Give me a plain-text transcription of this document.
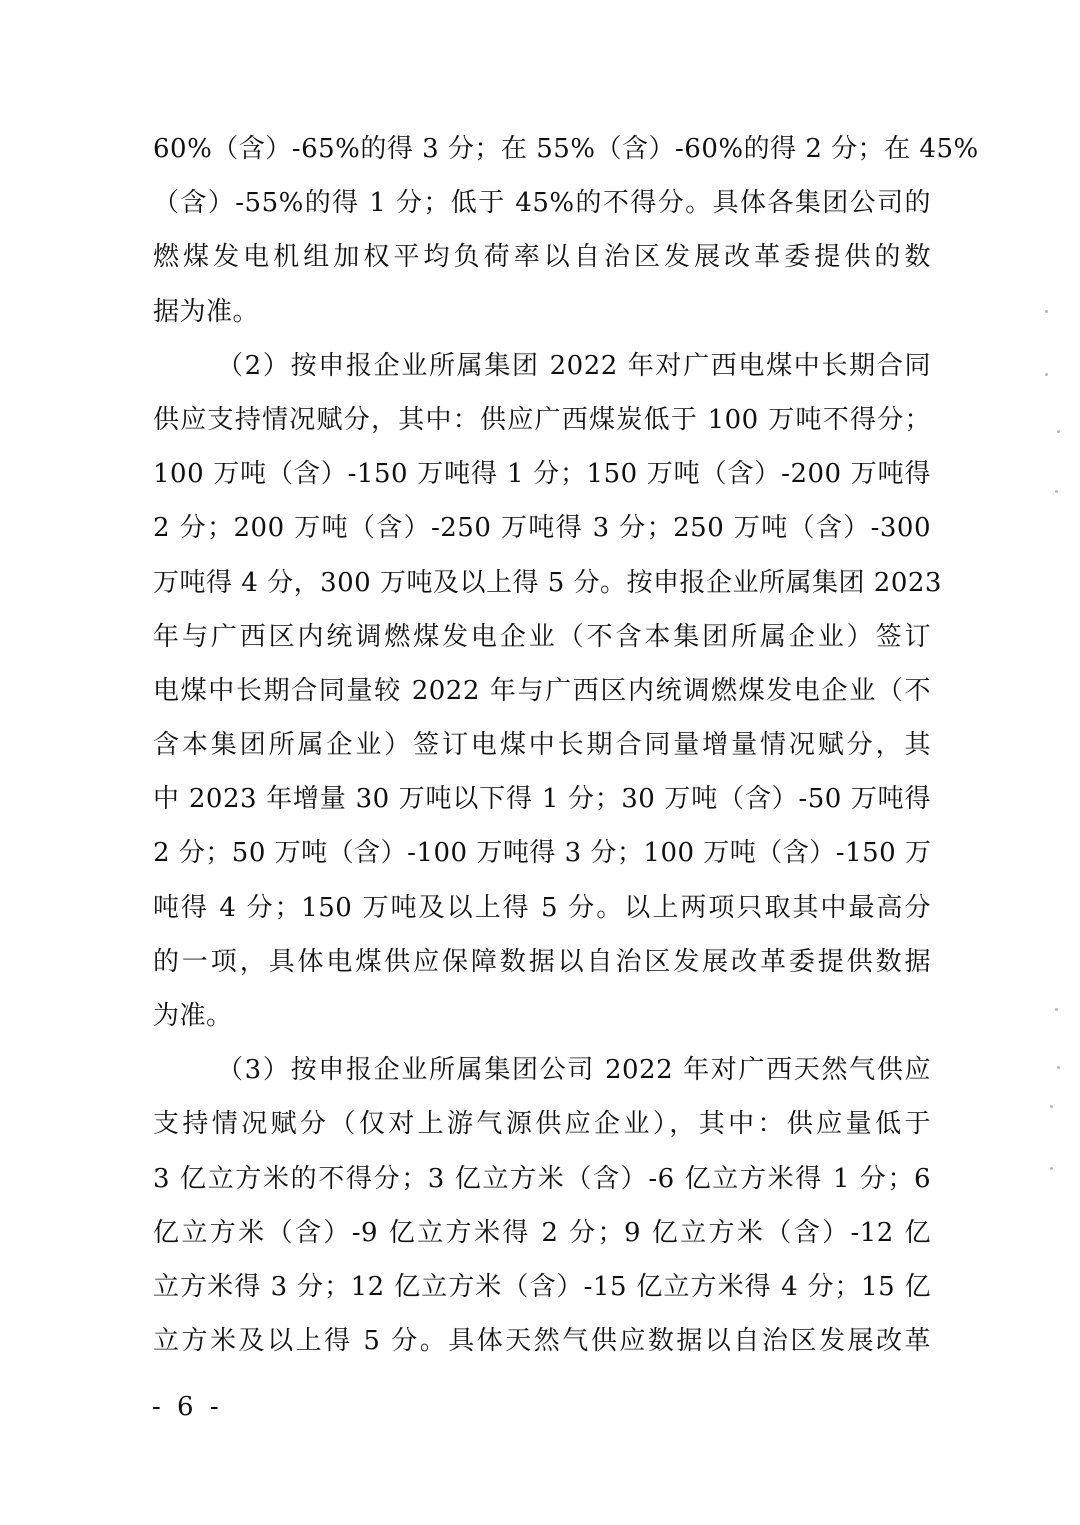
60%（含）-65%的得 3 分；在 55%（含）-60%的得 2 分；在 45%
（含）-55%的得 1 分；低于 45%的不得分。具体各集团公司的
燃煤发电机组加权平均负荷率以自治区发展改革委提供的数
据为准。
（2）按申报企业所属集团 2022 年对广西电煤中长期合同
供应支持情况赋分，其中：供应广西煤炭低于 100 万吨不得分；
100 万吨（含）-150 万吨得 1 分；150 万吨（含）-200 万吨得
2 分；200 万吨（含）-250 万吨得 3 分；250 万吨（含）-300
万吨得 4 分，300 万吨及以上得 5 分。按申报企业所属集团 2023
年与广西区内统调燃煤发电企业（不含本集团所属企业）签订
电煤中长期合同量较 2022 年与广西区内统调燃煤发电企业（不
含本集团所属企业）签订电煤中长期合同量增量情况赋分，其
中 2023 年增量 30 万吨以下得 1 分；30 万吨（含）-50 万吨得
2 分；50 万吨（含）-100 万吨得 3 分；100 万吨（含）-150 万
吨得 4 分；150 万吨及以上得 5 分。以上两项只取其中最高分
的一项，具体电煤供应保障数据以自治区发展改革委提供数据
为准。
（3）按申报企业所属集团公司 2022 年对广西天然气供应
支持情况赋分（仅对上游气源供应企业），其中：供应量低于
3 亿立方米的不得分；3 亿立方米（含）-6 亿立方米得 1 分；6
亿立方米（含）-9 亿立方米得 2 分；9 亿立方米（含）-12 亿
立方米得 3 分；12 亿立方米（含）-15 亿立方米得 4 分；15 亿
立方米及以上得 5 分。具体天然气供应数据以自治区发展改革
- 6 -
